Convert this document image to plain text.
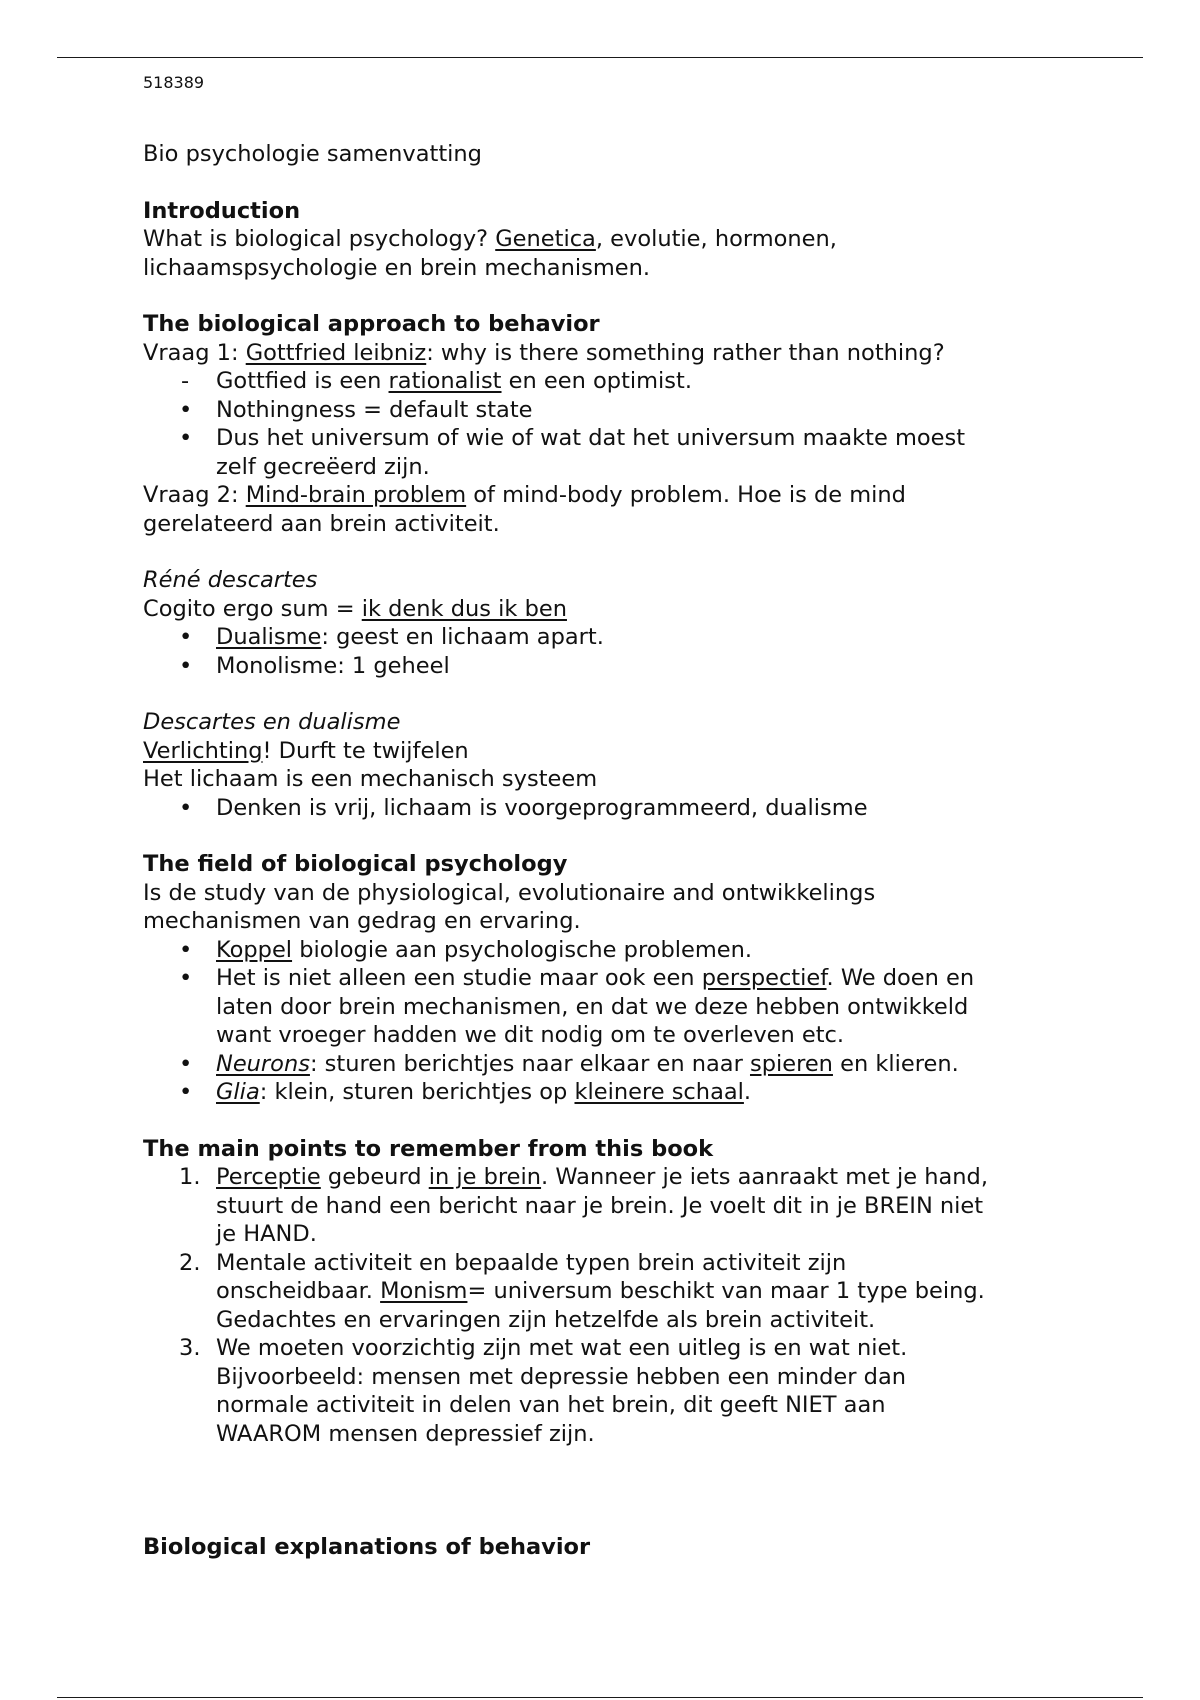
518389

Bio psychologie samenvatting

Introduction

What is biological psychology? Genetica, evolutie, hormonen,

lichaamspsychologie en brein mechanismen.

The biological approach to behavior

Vraag 1: Gottfried leibniz: why is there something rather than nothing?

- Gottfied is een rationalist en een optimist.
• Nothingness = default state
• Dus het universum of wie of wat dat het universum maakte moest
zelf gecreëerd zijn.

Vraag 2: Mind-brain problem of mind-body problem. Hoe is de mind

gerelateerd aan brein activiteit.

Réné descartes

Cogito ergo sum = ik denk dus ik ben

• Dualisme: geest en lichaam apart.
• Monolisme: 1 geheel

Descartes en dualisme

Verlichting! Durft te twijfelen

Het lichaam is een mechanisch systeem

• Denken is vrij, lichaam is voorgeprogrammeerd, dualisme

The field of biological psychology

Is de study van de physiological, evolutionaire and ontwikkelings

mechanismen van gedrag en ervaring.

• Koppel biologie aan psychologische problemen.
• Het is niet alleen een studie maar ook een perspectief. We doen en
laten door brein mechanismen, en dat we deze hebben ontwikkeld
want vroeger hadden we dit nodig om te overleven etc.
• Neurons: sturen berichtjes naar elkaar en naar spieren en klieren.
• Glia: klein, sturen berichtjes op kleinere schaal.

The main points to remember from this book

1. Perceptie gebeurd in je brein. Wanneer je iets aanraakt met je hand,
stuurt de hand een bericht naar je brein. Je voelt dit in je BREIN niet
je HAND.
2. Mentale activiteit en bepaalde typen brein activiteit zijn
onscheidbaar. Monism= universum beschikt van maar 1 type being.
Gedachtes en ervaringen zijn hetzelfde als brein activiteit.
3. We moeten voorzichtig zijn met wat een uitleg is en wat niet.
Bijvoorbeeld: mensen met depressie hebben een minder dan
normale activiteit in delen van het brein, dit geeft NIET aan
WAAROM mensen depressief zijn.

Biological explanations of behavior
